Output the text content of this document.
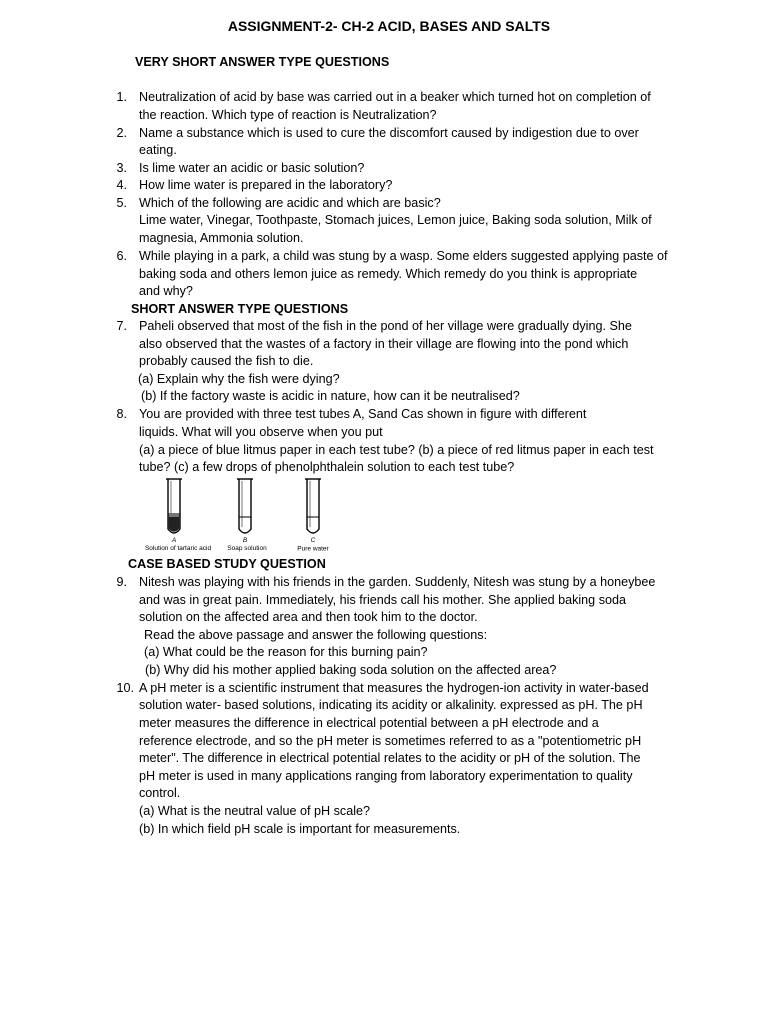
ASSIGNMENT-2- CH-2 ACID, BASES AND SALTS
VERY SHORT ANSWER TYPE QUESTIONS
1. Neutralization of acid by base was carried out in a beaker which turned hot on completion of
the reaction. Which type of reaction is Neutralization?
2. Name a substance which is used to cure the discomfort caused by indigestion due to over
eating.
3. Is lime water an acidic or basic solution?
4. How lime water is prepared in the laboratory?
5. Which of the following are acidic and which are basic?
Lime water, Vinegar, Toothpaste, Stomach juices, Lemon juice, Baking soda solution, Milk of
magnesia, Ammonia solution.
6. While playing in a park, a child was stung by a wasp. Some elders suggested applying paste of
baking soda and others lemon juice as remedy. Which remedy do you think is appropriate
and why?
SHORT ANSWER TYPE QUESTIONS
7. Paheli observed that most of the fish in the pond of her village were gradually dying. She
also observed that the wastes of a factory in their village are flowing into the pond which
probably caused the fish to die.
(a) Explain why the fish were dying?
(b) If the factory waste is acidic in nature, how can it be neutralised?
8. You are provided with three test tubes A, Sand Cas shown in figure with different
liquids. What will you observe when you put
(a) a piece of blue litmus paper in each test tube? (b) a piece of red litmus paper in each test
tube? (c) a few drops of phenolphthalein solution to each test tube?
A	B	C
Solution of tartaric acid Soap solution	Pure water
CASE BASED STUDY QUESTION
9. Nitesh was playing with his friends in the garden. Suddenly, Nitesh was stung by a honeybee
and was in great pain. Immediately, his friends call his mother. She applied baking soda
solution on the affected area and then took him to the doctor.
Read the above passage and answer the following questions:
(a) What could be the reason for this burning pain?
(b) Why did his mother applied baking soda solution on the affected area?
10. A pH meter is a scientific instrument that measures the hydrogen-ion activity in water-based
solution water- based solutions, indicating its acidity or alkalinity. expressed as pH. The pH
meter measures the difference in electrical potential between a pH electrode and a
reference electrode, and so the pH meter is sometimes referred to as a "potentiometric pH
meter". The difference in electrical potential relates to the acidity or pH of the solution. The
pH meter is used in many applications ranging from laboratory experimentation to quality
control.
(a) What is the neutral value of pH scale?
(b) In which field pH scale is important for measurements.
